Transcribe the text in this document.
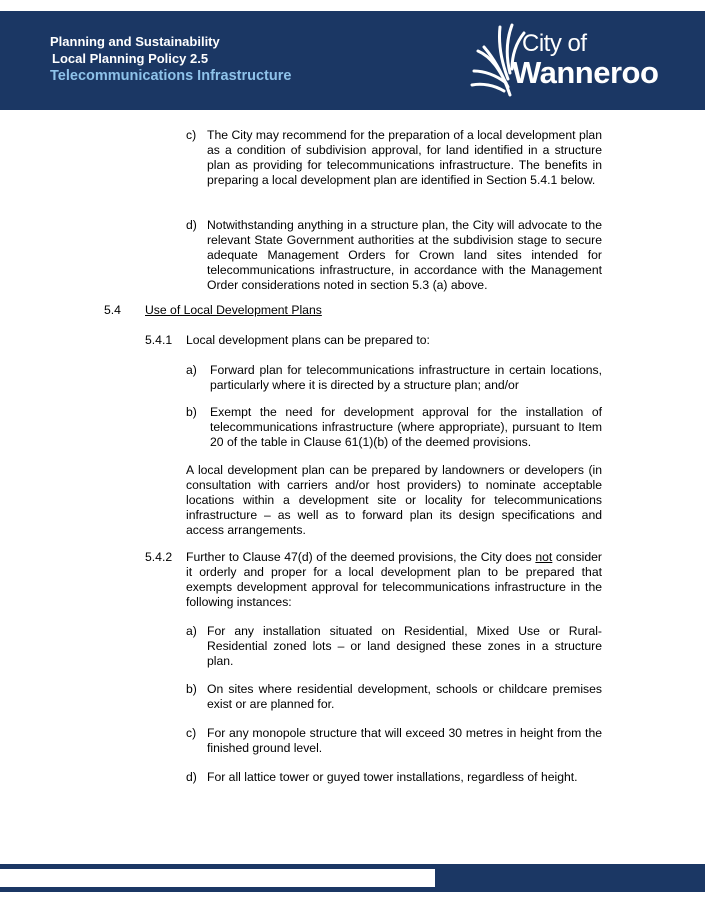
Planning and Sustainability
Local Planning Policy 2.5
Telecommunications Infrastructure
City of
Wanneroo
c) The City may recommend for the preparation of a local development plan as a condition of subdivision approval, for land identified in a structure plan as providing for telecommunications infrastructure. The benefits in preparing a local development plan are identified in Section 5.4.1 below.
d) Notwithstanding anything in a structure plan, the City will advocate to the relevant State Government authorities at the subdivision stage to secure adequate Management Orders for Crown land sites intended for telecommunications infrastructure, in accordance with the Management Order considerations noted in section 5.3 (a) above.
5.4 Use of Local Development Plans
5.4.1 Local development plans can be prepared to:
a) Forward plan for telecommunications infrastructure in certain locations, particularly where it is directed by a structure plan; and/or
b) Exempt the need for development approval for the installation of telecommunications infrastructure (where appropriate), pursuant to Item 20 of the table in Clause 61(1)(b) of the deemed provisions.
A local development plan can be prepared by landowners or developers (in consultation with carriers and/or host providers) to nominate acceptable locations within a development site or locality for telecommunications infrastructure – as well as to forward plan its design specifications and access arrangements.
5.4.2 Further to Clause 47(d) of the deemed provisions, the City does not consider it orderly and proper for a local development plan to be prepared that exempts development approval for telecommunications infrastructure in the following instances:
a) For any installation situated on Residential, Mixed Use or Rural-Residential zoned lots – or land designed these zones in a structure plan.
b) On sites where residential development, schools or childcare premises exist or are planned for.
c) For any monopole structure that will exceed 30 metres in height from the finished ground level.
d) For all lattice tower or guyed tower installations, regardless of height.
